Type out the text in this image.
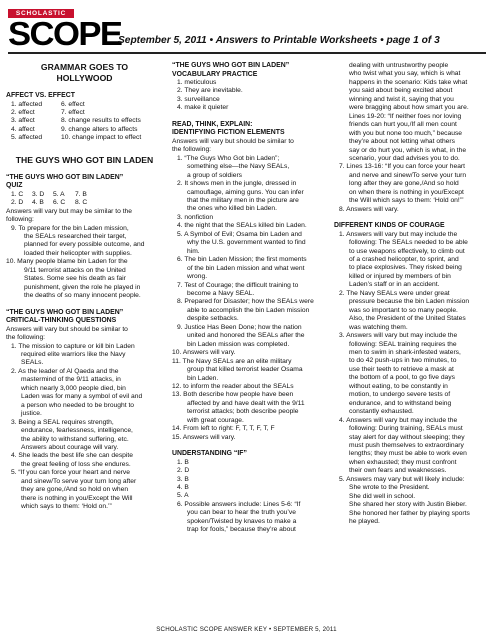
SCHOLASTIC
SCOPE
September 5, 2011 • Answers to Printable Worksheets • page 1 of 3

GRAMMAR GOES TO

HOLLYWOOD

AFFECT VS. EFFECT

1. affected	6. effect
2. effect	7. effect
3. affect	8. change results to effects
4. affect	9. change alters to affects
5. affected	10. change impact to effect

THE GUYS WHO GOT BIN LADEN

“THE GUYS WHO GOT BIN LADEN”

QUIZ

1. C	3. D	5. A	7. B
2. D	4. B	6. C	8. C

Answers will vary but may be similar to the

following:

9. To prepare for the bin Laden mission,

the SEALs researched their target,

planned for every possible outcome, and

loaded their helicopter with supplies.

10. Many people blame bin Laden for the

9/11 terrorist attacks on the United

States. Some see his death as fair

punishment, given the role he played in

the deaths of so many innocent people.

“THE GUYS WHO GOT BIN LADEN”

CRITICAL-THINKING QUESTIONS

Answers will vary but should be similar to

the following:

1. The mission to capture or kill bin Laden

required elite warriors like the Navy

SEALs.

2. As the leader of Al Qaeda and the

mastermind of the 9/11 attacks, in

which nearly 3,000 people died, bin

Laden was for many a symbol of evil and

a person who needed to be brought to

justice.

3. Being a SEAL requires strength,

endurance, fearlessness, intelligence,

the ability to withstand suffering, etc.

Answers about courage will vary.

4. She leads the best life she can despite

the great feeling of loss she endures.

5. “If you can force your heart and nerve

and sinew/To serve your turn long after

they are gone,/And so hold on when

there is nothing in you/Except the Will

which says to them: ‘Hold on.’”

“THE GUYS WHO GOT BIN LADEN”

VOCABULARY PRACTICE

1. meticulous

2. They are inevitable.

3. surveillance

4. make it quieter

READ, THINK, EXPLAIN:

IDENTIFYING FICTION ELEMENTS

Answers will vary but should be similar to

the following:

1. “The Guys Who Got bin Laden”;

something else—the Navy SEALs,

a group of soldiers

2. It shows men in the jungle, dressed in

camouflage, aiming guns. You can infer

that the military men in the picture are

the ones who killed bin Laden.

3. nonfiction

4. the night that the SEALs killed bin Laden.

5. A Symbol of Evil; Osama bin Laden and

why the U.S. government wanted to find

him.

6. The bin Laden Mission; the first moments

of the bin Laden mission and what went

wrong.

7. Test of Courage; the difficult training to

become a Navy SEAL.

8. Prepared for Disaster; how the SEALs were

able to accomplish the bin Laden mission

despite setbacks.

9. Justice Has Been Done; how the nation

united and honored the SEALs after the

bin Laden mission was completed.

10. Answers will vary.

11. The Navy SEALs are an elite military

group that killed terrorist leader Osama

bin Laden.

12. to inform the reader about the SEALs

13. Both describe how people have been

affected by and have dealt with the 9/11

terrorist attacks; both describe people

with great courage.

14. From left to right: F, T, T, F, T, F

15. Answers will vary.

UNDERSTANDING “IF”

1. B

2. D

3. B

4. B

5. A

6. Possible answers include: Lines 5-6: “If

you can bear to hear the truth you’ve

spoken/Twisted by knaves to make a

trap for fools,” because they’re about

dealing with untrustworthy people

who twist what you say, which is what

happens in the scenario: Kids take what

you said about being excited about

winning and twist it, saying that you

were bragging about how smart you are.

Lines 19-20: “If neither foes nor loving

friends can hurt you,/If all men count

with you but none too much,” because

they’re about not letting what others

say or do hurt you, which is what, in the

scenario, your dad advises you to do.

7. Lines 13-16: “If you can force your heart

and nerve and sinew/To serve your turn

long after they are gone,/And so hold

on when there is nothing in you/Except

the Will which says to them: ‘Hold on!’”

8. Answers will vary.

DIFFERENT KINDS OF COURAGE

1. Answers will vary but may include the

following: The SEALs needed to be able

to use weapons effectively, to climb out

of a crashed helicopter, to sprint, and

to place explosives. They risked being

killed or injured by members of bin

Laden’s staff or in an accident.

2. The Navy SEALs were under great

pressure because the bin Laden mission

was so important to so many people.

Also, the President of the United States

was watching them.

3. Answers will vary but may include the

following: SEAL training requires the

men to swim in shark-infested waters,

to do 42 push-ups in two minutes, to

use their teeth to retrieve a mask at

the bottom of a pool, to go five days

without eating, to be constantly in

motion, to undergo severe tests of

endurance, and to withstand being

constantly exhausted.

4. Answers will vary but may include the

following: During training, SEALs must

stay alert for day without sleeping; they

must push themselves to extraordinary

lengths; they must be able to work even

when exhausted; they must confront

their own fears and weaknesses.

5. Answers may vary but will likely include:

She wrote to the President.

She did well in school.

She shared her story with Justin Bieber.

She honored her father by playing sports

he played.

SCHOLASTIC SCOPE ANSWER KEY • SEPTEMBER 5, 2011
